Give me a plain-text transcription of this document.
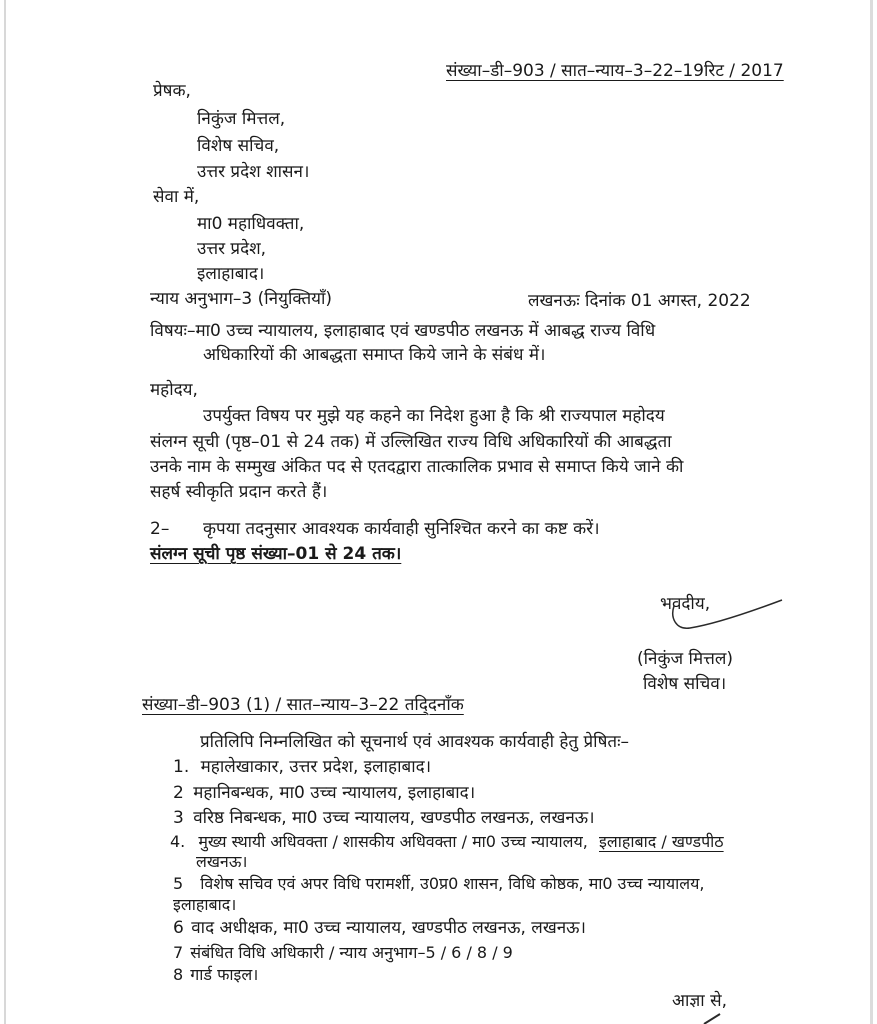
संख्या–डी–903 / सात–न्याय–3–22–19रिट / 2017
प्रेषक,
निकुंज मित्तल,
विशेष सचिव,
उत्तर प्रदेश शासन।
सेवा में,
मा0 महाधिवक्ता,
उत्तर प्रदेश,
इलाहाबाद।
न्याय अनुभाग–3 (नियुक्तियॉं)	लखनऊः दिनांक 01 अगस्त, 2022
विषयः–मा0 उच्च न्यायालय, इलाहाबाद एवं खण्डपीठ लखनऊ में आबद्ध राज्य विधि
अधिकारियों की आबद्धता समाप्त किये जाने के संबंध में।
महोदय,
उपर्युक्त विषय पर मुझे यह कहने का निदेश हुआ है कि श्री राज्यपाल महोदय
संलग्न सूची (पृष्ठ–01 से 24 तक) में उल्लिखित राज्य विधि अधिकारियों की आबद्धता
उनके नाम के सम्मुख अंकित पद से एतदद्वारा तात्कालिक प्रभाव से समाप्त किये जाने की
सहर्ष स्वीकृति प्रदान करते हैं।
2– कृपया तदनुसार आवश्यक कार्यवाही सुनिश्चित करने का कष्ट करें।
संलग्न सूची पृष्ठ संख्या–01 से 24 तक।
भवदीय,
(निकुंज मित्तल)
विशेष सचिव।
संख्या–डी–903 (1) / सात–न्याय–3–22 तदि्दनॉंक
प्रतिलिपि निम्नलिखित को सूचनार्थ एवं आवश्यक कार्यवाही हेतु प्रेषितः–
1. महालेखाकार, उत्तर प्रदेश, इलाहाबाद।
2 महानिबन्धक, मा0 उच्च न्यायालय, इलाहाबाद।
3 वरिष्ठ निबन्धक, मा0 उच्च न्यायालय, खण्डपीठ लखनऊ, लखनऊ।
4. मुख्य स्थायी अधिवक्ता / शासकीय अधिवक्ता / मा0 उच्च न्यायालय, इलाहाबाद / खण्डपीठ
लखनऊ।
5 विशेष सचिव एवं अपर विधि परामर्शी, उ0प्र0 शासन, विधि कोष्ठक, मा0 उच्च न्यायालय,
इलाहाबाद।
6 वाद अधीक्षक, मा0 उच्च न्यायालय, खण्डपीठ लखनऊ, लखनऊ।
7 संबंधित विधि अधिकारी / न्याय अनुभाग–5 / 6 / 8 / 9
8 गार्ड फाइल।
आज्ञा से,
